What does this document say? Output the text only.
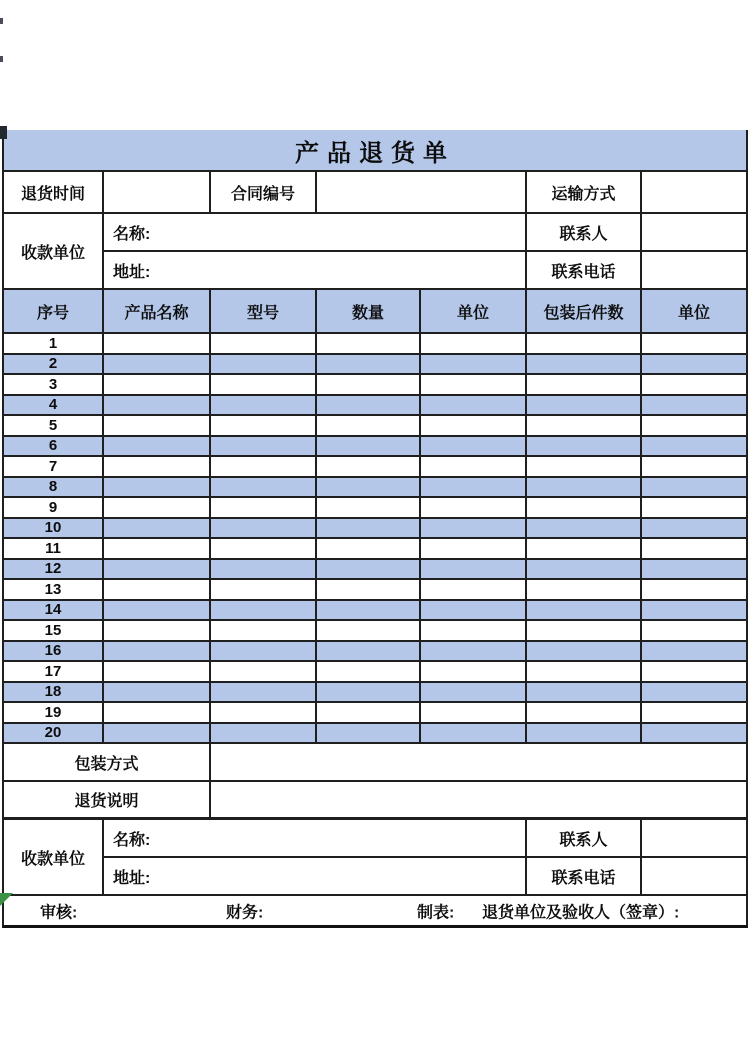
产品退货单
退货时间	合同编号	运输方式
收款单位
名称:	联系人
地址:	联系电话
序号	产品名称	型号	数量	单位	包装后件数	单位
1
2
3
4
5
6
7
8
9
10
11
12
13
14
15
16
17
18
19
20
包装方式
退货说明
收款单位
名称:	联系人
地址:	联系电话
审核:	财务:	制表: 退货单位及验收人（签章）:
